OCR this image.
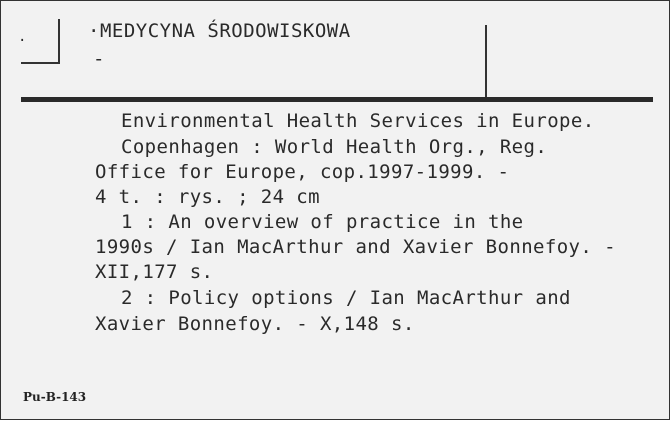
·	·MEDYCYNA ŚRODOWISKOWA
-
Environmental Health Services in Europe.
Copenhagen : World Health Org., Reg.
Office for Europe, cop.1997-1999. -
4 t. : rys. ; 24 cm
1 : An overview of practice in the
1990s / Ian MacArthur and Xavier Bonnefoy. -
XII,177 s.
2 : Policy options / Ian MacArthur and
Xavier Bonnefoy. - X,148 s.
Pu-B-143
